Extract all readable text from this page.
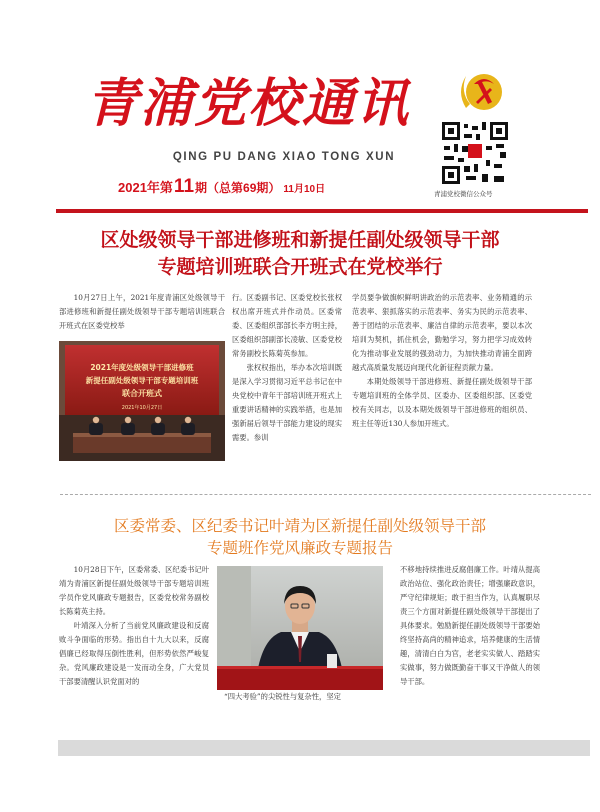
青浦党校通讯
青浦党校微信公众号
QING PU DANG XIAO TONG XUN
2021年第11期（总第69期） 11月10日
区处级领导干部进修班和新提任副处级领导干部
专题培训班联合开班式在党校举行

10月27日上午，2021年度青浦区处级领导干部进修班和新提任副处级领导干部专题培训班联合开班式在区委党校举

2021年度处级领导干部进修班
新提任副处级领导干部专题培训班
联合开班式
2021年10月27日

行。区委副书记、区委党校长张权权出席开班式并作动员。区委常委、区委组织部部长李方明主持，区委组织部副部长凌敏、区委党校常务副校长陈菊英参加。

张权权指出，举办本次培训既是深入学习贯彻习近平总书记在中央党校中青年干部培训班开班式上重要讲话精神的实践举措，也是加强新届后领导干部能力建设的现实需要。参训

学员要争做旗帜鲜明讲政治的示范表率、业务精通的示范表率、狠抓落实的示范表率、务实为民的示范表率、善于团结的示范表率、廉洁自律的示范表率，要以本次培训为契机，抓住机会，勤勉学习，努力把学习成效转化为推动事业发展的强劲动力，为加快推动青浦全面跨越式高质量发展迈向现代化新征程贡献力量。

本期处级领导干部进修班、新提任副处级领导干部专题培训班的全体学员、区委办、区委组织部、区委党校有关同志，以及本期处级领导干部进修班的组织员、班主任等近130人参加开班式。

区委常委、区纪委书记叶靖为区新提任副处级领导干部
专题班作党风廉政专题报告

10月28日下午，区委常委、区纪委书记叶靖为青浦区新提任副处级领导干部专题培训班学员作党风廉政专题报告，区委党校常务副校长陈菊英主持。

叶靖深入分析了当前党风廉政建设和反腐败斗争面临的形势。指出自十九大以来，反腐倡廉已经取得压倒性胜利，但形势依然严峻复杂。党风廉政建设是一发而动全身，广大党员干部要清醒认识党面对的

“四大考验”的尖锐性与复杂性，坚定

不移地持续推进反腐倡廉工作。叶靖从提高政治站位、强化政治责任；增强廉政意识，严守纪律规矩；敢于担当作为，认真履职尽责三个方面对新提任副处级领导干部提出了具体要求。勉励新提任副处级领导干部要始终坚持高尚的精神追求，培养健康的生活情趣，清清白白为官，老老实实做人、踏踏实实做事，努力做既勤奋干事又干净做人的领导干部。
